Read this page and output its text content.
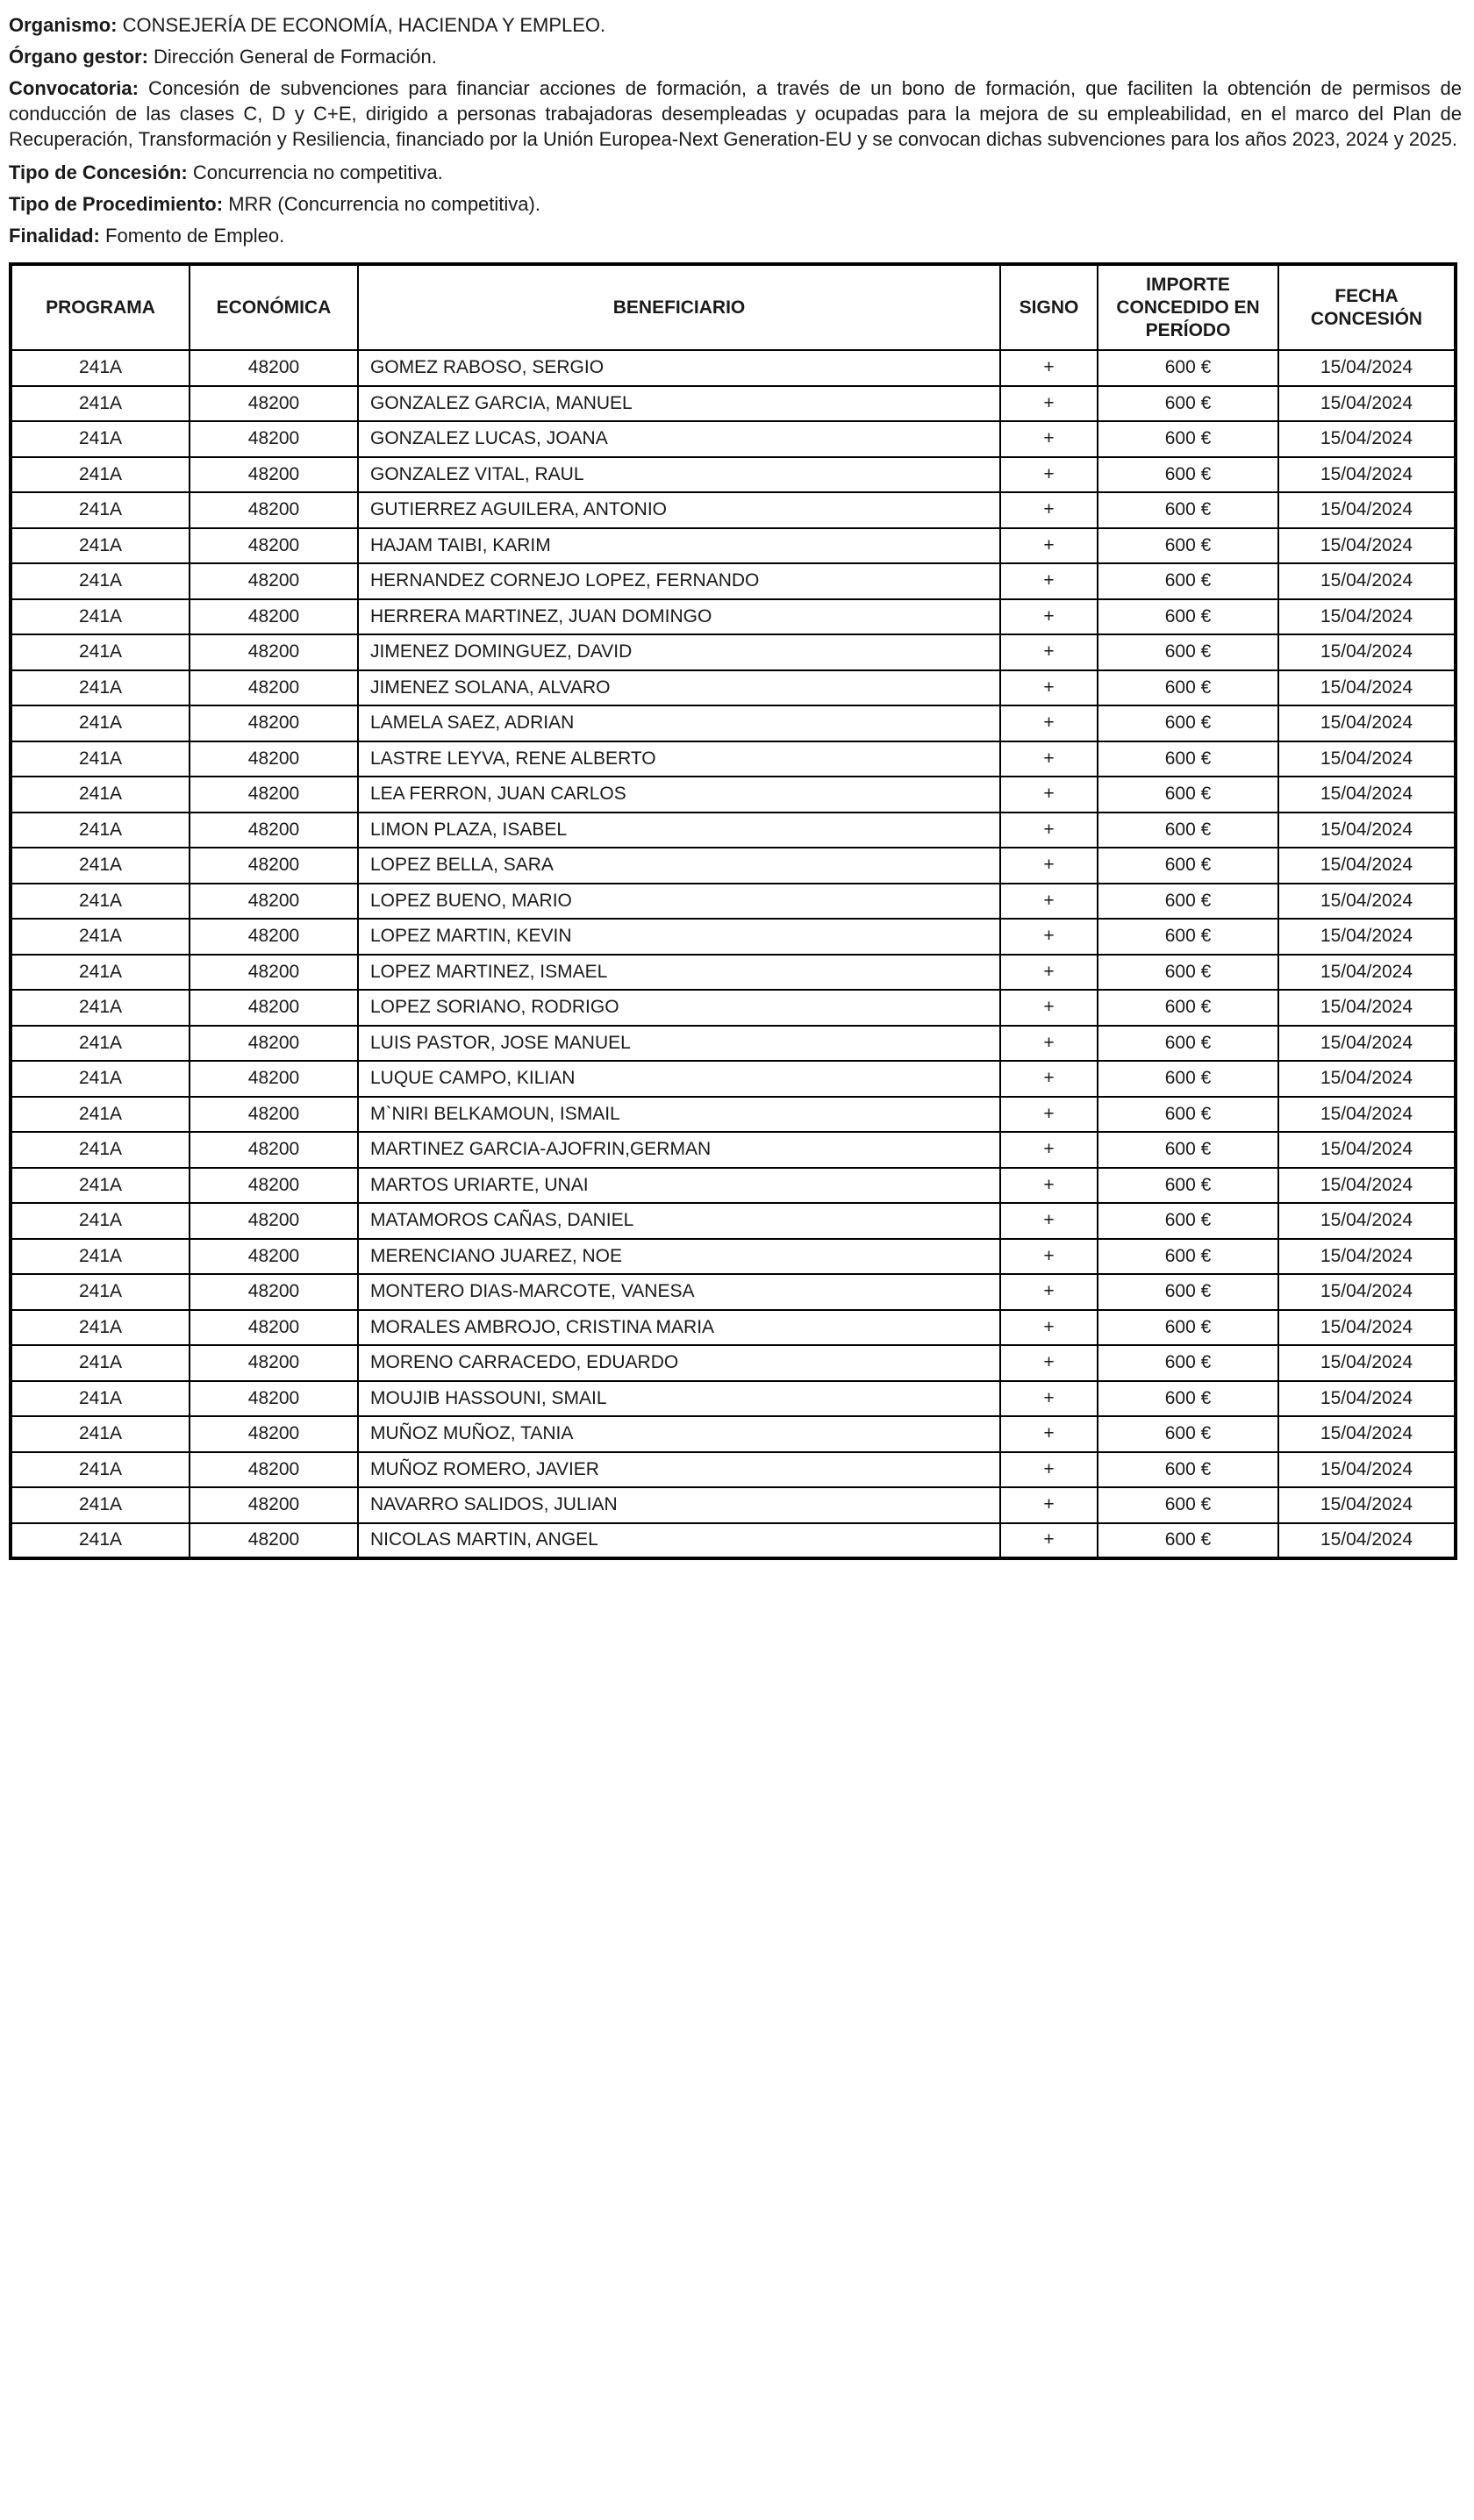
Organismo: CONSEJERÍA DE ECONOMÍA, HACIENDA Y EMPLEO.

Órgano gestor: Dirección General de Formación.

Convocatoria: Concesión de subvenciones para financiar acciones de formación, a través de un bono de formación, que faciliten la obtención de permisos de conducción de las clases C, D y C+E, dirigido a personas trabajadoras desempleadas y ocupadas para la mejora de su empleabilidad, en el marco del Plan de Recuperación, Transformación y Resiliencia, financiado por la Unión Europea-Next Generation-EU y se convocan dichas subvenciones para los años 2023, 2024 y 2025.

Tipo de Concesión: Concurrencia no competitiva.

Tipo de Procedimiento: MRR (Concurrencia no competitiva).

Finalidad: Fomento de Empleo.

PROGRAMA	ECONÓMICA	BENEFICIARIO	SIGNO	IMPORTE CONCEDIDO EN PERÍODO	FECHA CONCESIÓN
241A	48200	GOMEZ RABOSO, SERGIO	+	600 €	15/04/2024
241A	48200	GONZALEZ GARCIA, MANUEL	+	600 €	15/04/2024
241A	48200	GONZALEZ LUCAS, JOANA	+	600 €	15/04/2024
241A	48200	GONZALEZ VITAL, RAUL	+	600 €	15/04/2024
241A	48200	GUTIERREZ AGUILERA, ANTONIO	+	600 €	15/04/2024
241A	48200	HAJAM TAIBI, KARIM	+	600 €	15/04/2024
241A	48200	HERNANDEZ CORNEJO LOPEZ, FERNANDO	+	600 €	15/04/2024
241A	48200	HERRERA MARTINEZ, JUAN DOMINGO	+	600 €	15/04/2024
241A	48200	JIMENEZ DOMINGUEZ, DAVID	+	600 €	15/04/2024
241A	48200	JIMENEZ SOLANA, ALVARO	+	600 €	15/04/2024
241A	48200	LAMELA SAEZ, ADRIAN	+	600 €	15/04/2024
241A	48200	LASTRE LEYVA, RENE ALBERTO	+	600 €	15/04/2024
241A	48200	LEA FERRON, JUAN CARLOS	+	600 €	15/04/2024
241A	48200	LIMON PLAZA, ISABEL	+	600 €	15/04/2024
241A	48200	LOPEZ BELLA, SARA	+	600 €	15/04/2024
241A	48200	LOPEZ BUENO, MARIO	+	600 €	15/04/2024
241A	48200	LOPEZ MARTIN, KEVIN	+	600 €	15/04/2024
241A	48200	LOPEZ MARTINEZ, ISMAEL	+	600 €	15/04/2024
241A	48200	LOPEZ SORIANO, RODRIGO	+	600 €	15/04/2024
241A	48200	LUIS PASTOR, JOSE MANUEL	+	600 €	15/04/2024
241A	48200	LUQUE CAMPO, KILIAN	+	600 €	15/04/2024
241A	48200	M`NIRI BELKAMOUN, ISMAIL	+	600 €	15/04/2024
241A	48200	MARTINEZ GARCIA-AJOFRIN,GERMAN	+	600 €	15/04/2024
241A	48200	MARTOS URIARTE, UNAI	+	600 €	15/04/2024
241A	48200	MATAMOROS CAÑAS, DANIEL	+	600 €	15/04/2024
241A	48200	MERENCIANO JUAREZ, NOE	+	600 €	15/04/2024
241A	48200	MONTERO DIAS-MARCOTE, VANESA	+	600 €	15/04/2024
241A	48200	MORALES AMBROJO, CRISTINA MARIA	+	600 €	15/04/2024
241A	48200	MORENO CARRACEDO, EDUARDO	+	600 €	15/04/2024
241A	48200	MOUJIB HASSOUNI, SMAIL	+	600 €	15/04/2024
241A	48200	MUÑOZ MUÑOZ, TANIA	+	600 €	15/04/2024
241A	48200	MUÑOZ ROMERO, JAVIER	+	600 €	15/04/2024
241A	48200	NAVARRO SALIDOS, JULIAN	+	600 €	15/04/2024
241A	48200	NICOLAS MARTIN, ANGEL	+	600 €	15/04/2024
